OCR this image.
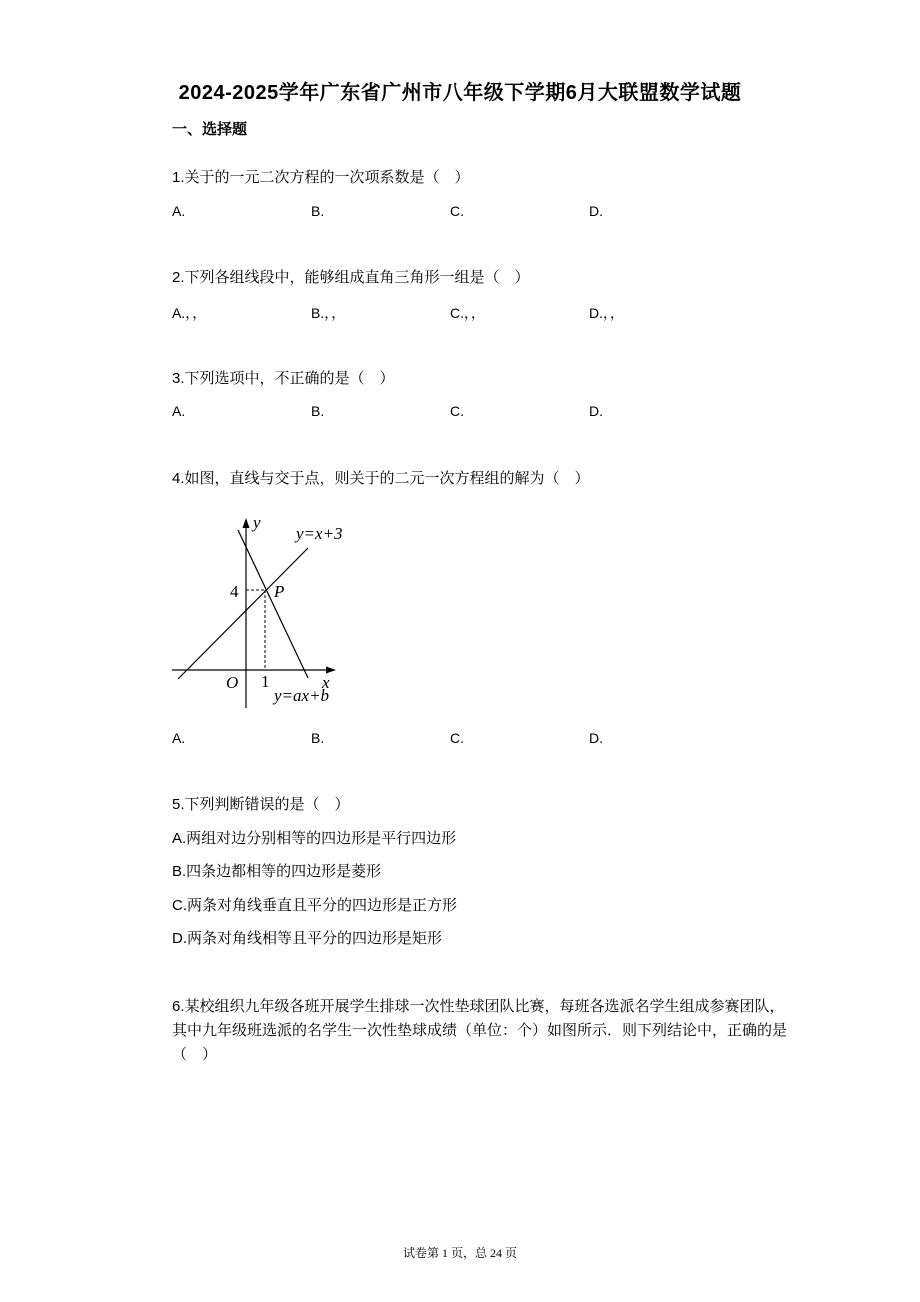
2024-2025学年广东省广州市八年级下学期6月大联盟数学试题
一、选择题
1.关于的一元二次方程的一次项系数是（　）
A.	B.	C.	D.
2.下列各组线段中，能够组成直角三角形一组是（　）
A.，，	B.，，	C.，，	D.，，
3.下列选项中，不正确的是（　）
A.	B.	C.	D.
4.如图，直线与交于点，则关于的二元一次方程组的解为（　）
y
x
O
y=x+3
y=ax+b
P
4
1
A.	B.	C.	D.
5.下列判断错误的是（　）
A.两组对边分别相等的四边形是平行四边形
B.四条边都相等的四边形是菱形
C.两条对角线垂直且平分的四边形是正方形
D.两条对角线相等且平分的四边形是矩形
6.某校组织九年级各班开展学生排球一次性垫球团队比赛，每班各选派名学生组成参赛团队，其中九年级班选派的名学生一次性垫球成绩（单位：个）如图所示．则下列结论中，正确的是（　）
试卷第 1 页，总 24 页
